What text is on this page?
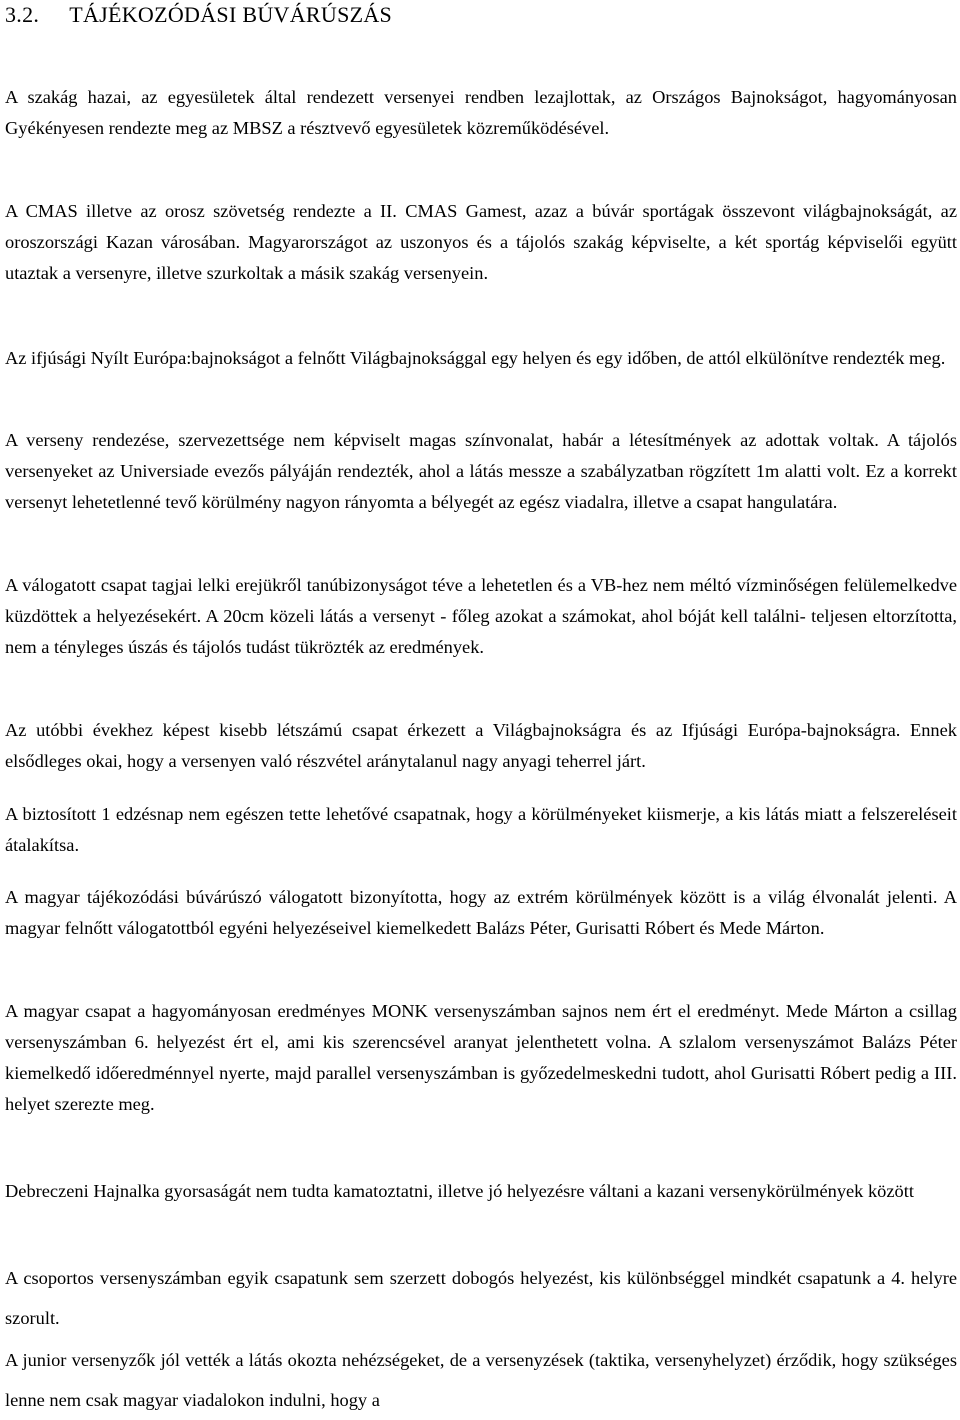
3.2. TÁJÉKOZÓDÁSI BÚVÁRÚSZÁS

A szakág hazai, az egyesületek által rendezett versenyei rendben lezajlottak, az Országos Bajnokságot, hagyományosan Gyékényesen rendezte meg az MBSZ a résztvevő egyesületek közreműködésével.

A CMAS illetve az orosz szövetség rendezte a II. CMAS Gamest, azaz a búvár sportágak összevont világbajnokságát, az oroszországi Kazan városában. Magyarországot az uszonyos és a tájolós szakág képviselte, a két sportág képviselői együtt utaztak a versenyre, illetve szurkoltak a másik szakág versenyein.

Az ifjúsági Nyílt Európa:bajnokságot a felnőtt Világbajnoksággal egy helyen és egy időben, de attól elkülönítve rendezték meg.

A verseny rendezése, szervezettsége nem képviselt magas színvonalat, habár a létesítmények az adottak voltak. A tájolós versenyeket az Universiade evezős pályáján rendezték, ahol a látás messze a szabályzatban rögzített 1m alatti volt. Ez a korrekt versenyt lehetetlenné tevő körülmény nagyon rányomta a bélyegét az egész viadalra, illetve a csapat hangulatára.

A válogatott csapat tagjai lelki erejükről tanúbizonyságot téve a lehetetlen és a VB-hez nem méltó vízminőségen felülemelkedve küzdöttek a helyezésekért. A 20cm közeli látás a versenyt - főleg azokat a számokat, ahol bóját kell találni- teljesen eltorzította, nem a tényleges úszás és tájolós tudást tükrözték az eredmények.

Az utóbbi évekhez képest kisebb létszámú csapat érkezett a Világbajnokságra és az Ifjúsági Európa-bajnokságra. Ennek elsődleges okai, hogy a versenyen való részvétel aránytalanul nagy anyagi teherrel járt.

A biztosított 1 edzésnap nem egészen tette lehetővé csapatnak, hogy a körülményeket kiismerje, a kis látás miatt a felszereléseit átalakítsa.

A magyar tájékozódási búvárúszó válogatott bizonyította, hogy az extrém körülmények között is a világ élvonalát jelenti. A magyar felnőtt válogatottból egyéni helyezéseivel kiemelkedett Balázs Péter, Gurisatti Róbert és Mede Márton.

A magyar csapat a hagyományosan eredményes MONK versenyszámban sajnos nem ért el eredményt. Mede Márton a csillag versenyszámban 6. helyezést ért el, ami kis szerencsével aranyat jelenthetett volna. A szlalom versenyszámot Balázs Péter kiemelkedő időeredménnyel nyerte, majd parallel versenyszámban is győzedelmeskedni tudott, ahol Gurisatti Róbert pedig a III. helyet szerezte meg.

Debreczeni Hajnalka gyorsaságát nem tudta kamatoztatni, illetve jó helyezésre váltani a kazani versenykörülmények között

A csoportos versenyszámban egyik csapatunk sem szerzett dobogós helyezést, kis különbséggel mindkét csapatunk a 4. helyre szorult.

A junior versenyzők jól vették a látás okozta nehézségeket, de a versenyzések (taktika, versenyhelyzet) érződik, hogy szükséges lenne nem csak magyar viadalokon indulni, hogy a
